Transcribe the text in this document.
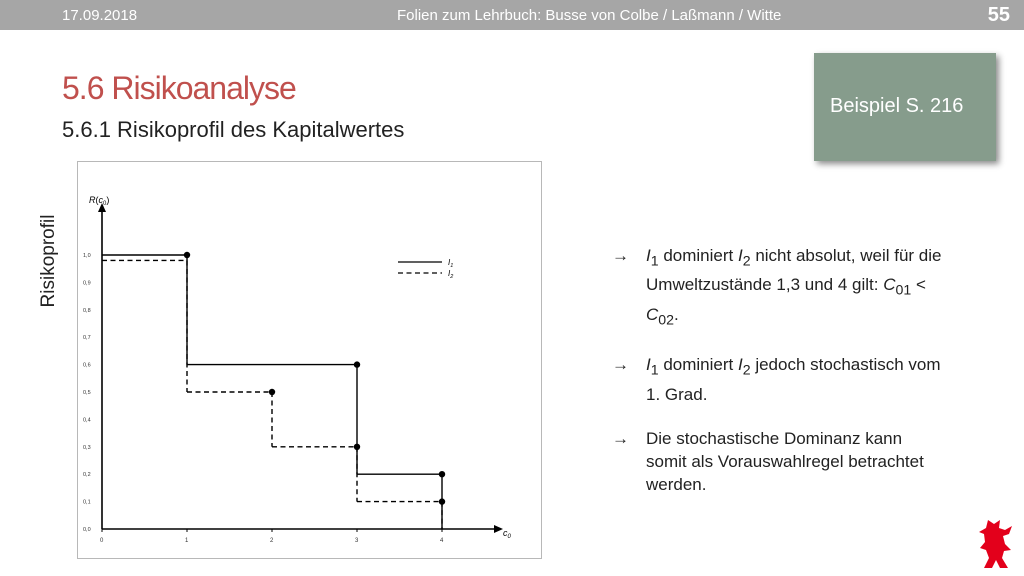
17.09.2018	Folien zum Lehrbuch: Busse von Colbe / Laßmann / Witte	55
5.6 Risikoanalyse
5.6.1 Risikoprofil des Kapitalwertes
Beispiel S. 216
$R(c_0)$
$c_0$
0,0
0,1
0,2
0,3
0,4
0,5
0,6
0,7
0,8
0,9
1,0
0	1	2	3	4
$I_1$
$I_2$
Risikoprofil	→ $I_1$ dominiert $I_2$ nicht absolut, weil für die Umweltzustände 1,3 und 4 gilt: $C_{01} < C_{02}$.
→ $I_1$ dominiert $I_2$ jedoch stochastisch vom 1. Grad.
→ Die stochastische Dominanz kann somit als Vorauswahlregel betrachtet werden.
